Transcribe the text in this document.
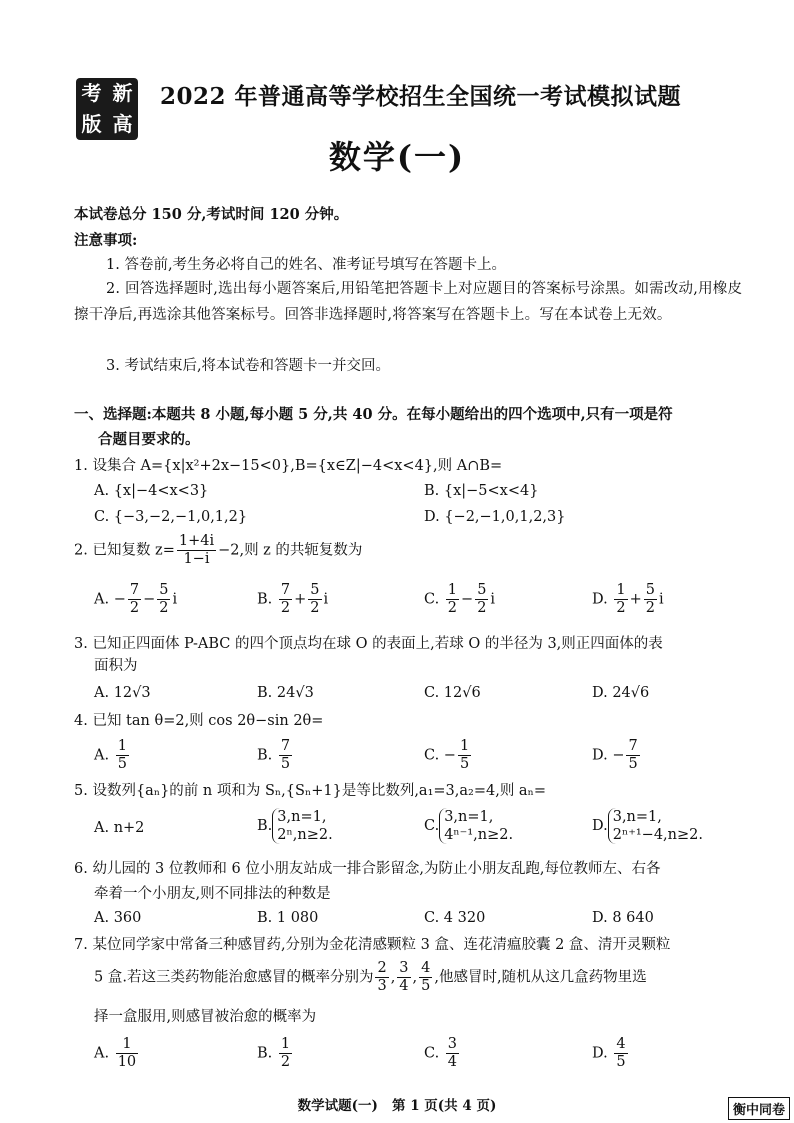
考 新
版 高
2022 年普通高等学校招生全国统一考试模拟试题
数学(一)
本试卷总分 150 分,考试时间 120 分钟。
注意事项:
1. 答卷前,考生务必将自己的姓名、准考证号填写在答题卡上。
2. 回答选择题时,选出每小题答案后,用铅笔把答题卡上对应题目的答案标号涂黑。如需改动,用橡皮擦干净后,再选涂其他答案标号。回答非选择题时,将答案写在答题卡上。写在本试卷上无效。
3. 考试结束后,将本试卷和答题卡一并交回。
一、选择题:本题共 8 小题,每小题 5 分,共 40 分。在每小题给出的四个选项中,只有一项是符
合题目要求的。
1. 设集合 A={x|x²+2x−15<0},B={x∈Z|−4<x<4},则 A∩B=
A. {x|−4<x<3}	B. {x|−5<x<4}
C. {−3,−2,−1,0,1,2}	D. {−2,−1,0,1,2,3}
2. 已知复数 $z= \frac{1+4i}{1-i} -2$,则 z 的共轭复数为
A. − $\frac{7}{2} - \frac{5}{2}$ i	B. $\frac{7}{2} + \frac{5}{2}$ i	C. $\frac{1}{2} - \frac{5}{2}$ i	D. $\frac{1}{2} + \frac{5}{2}$ i
3. 已知正四面体 P-ABC 的四个顶点均在球 O 的表面上,若球 O 的半径为 3,则正四面体的表
面积为
A. 12√3	B. 24√3	C. 12√6	D. 24√6
4. 已知 tan θ=2,则 cos 2θ−sin 2θ=
A. $\frac{1}{5}$	B. $\frac{7}{5}$	C. − $\frac{1}{5}$	D. − $\frac{7}{5}$
5. 设数列{aₙ}的前 n 项和为 Sₙ,{Sₙ+1}是等比数列,a₁=3,a₂=4,则 aₙ=
A. n+2	B.
3,n=1,
2ⁿ,n≥2.
C.
3,n=1,
4ⁿ⁻¹,n≥2.
D.
3,n=1,
2ⁿ⁺¹−4,n≥2.
6. 幼儿园的 3 位教师和 6 位小朋友站成一排合影留念,为防止小朋友乱跑,每位教师左、右各
牵着一个小朋友,则不同排法的种数是
A. 360	B. 1 080	C. 4 320	D. 8 640
7. 某位同学家中常备三种感冒药,分别为金花清感颗粒 3 盒、连花清瘟胶囊 2 盒、清开灵颗粒
5 盒.若这三类药物能治愈感冒的概率分别为 $\frac{2}{3}$ , $\frac{3}{4}$ , $\frac{4}{5}$ ,他感冒时,随机从这几盒药物里选
择一盒服用,则感冒被治愈的概率为
A. $\frac{1}{10}$	B. $\frac{1}{2}$	C. $\frac{3}{4}$	D. $\frac{4}{5}$
数学试题(一)   第 1 页(共 4 页)	衡中同卷
